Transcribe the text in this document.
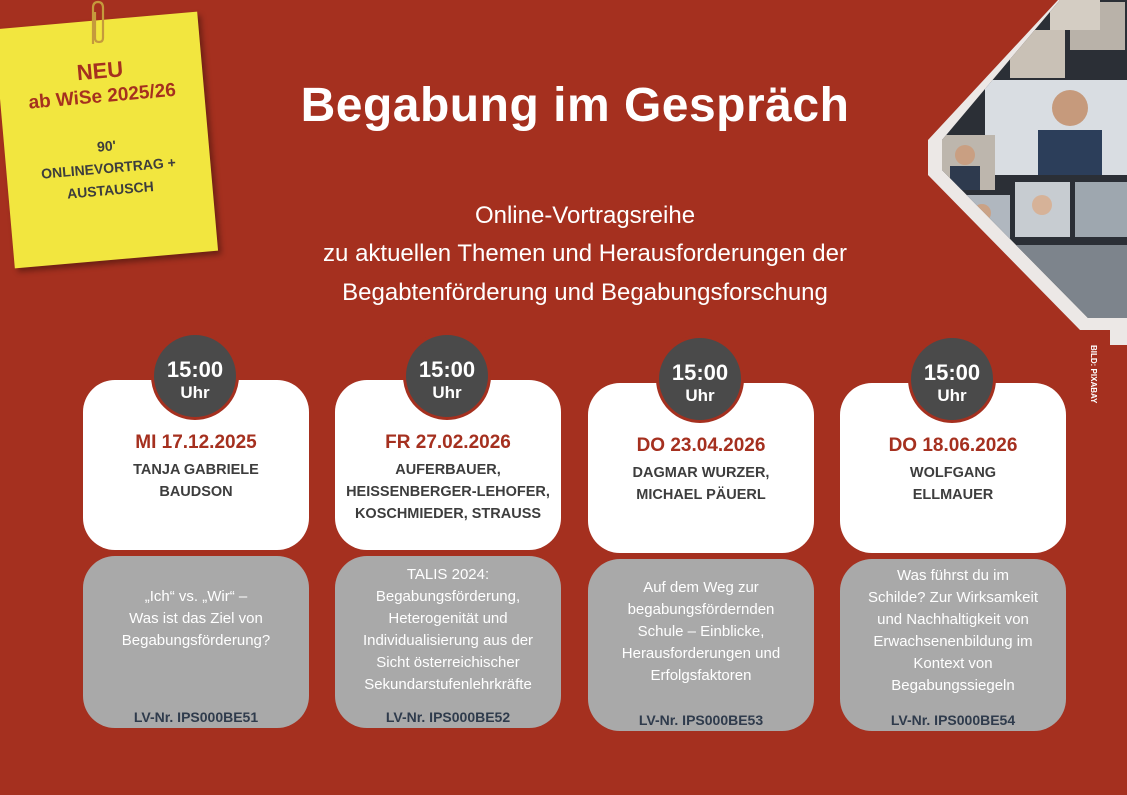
NEU
ab WiSe 2025/26
90'
ONLINEVORTRAG +
AUSTAUSCH
Begabung im Gespräch
Online-Vortragsreihe
zu aktuellen Themen und Herausforderungen der
Begabtenförderung und Begabungsforschung
BILD: PIXABAY
15:00
Uhr
MI 17.12.2025
TANJA GABRIELE
BAUDSON
„Ich“ vs. „Wir“ –
Was ist das Ziel von
Begabungsförderung?
LV-Nr. IPS000BE51
15:00
Uhr
FR 27.02.2026
AUFERBAUER,
HEISSENBERGER-LEHOFER,
KOSCHMIEDER, STRAUSS
TALIS 2024:
Begabungsförderung,
Heterogenität und
Individualisierung aus der
Sicht österreichischer
Sekundarstufenlehrkräfte
LV-Nr. IPS000BE52
15:00
Uhr
DO 23.04.2026
DAGMAR WURZER,
MICHAEL PÄUERL
Auf dem Weg zur
begabungsfördernden
Schule – Einblicke,
Herausforderungen und
Erfolgsfaktoren
LV-Nr. IPS000BE53
15:00
Uhr
DO 18.06.2026
WOLFGANG
ELLMAUER
Was führst du im
Schilde? Zur Wirksamkeit
und Nachhaltigkeit von
Erwachsenenbildung im
Kontext von
Begabungssiegeln
LV-Nr. IPS000BE54
